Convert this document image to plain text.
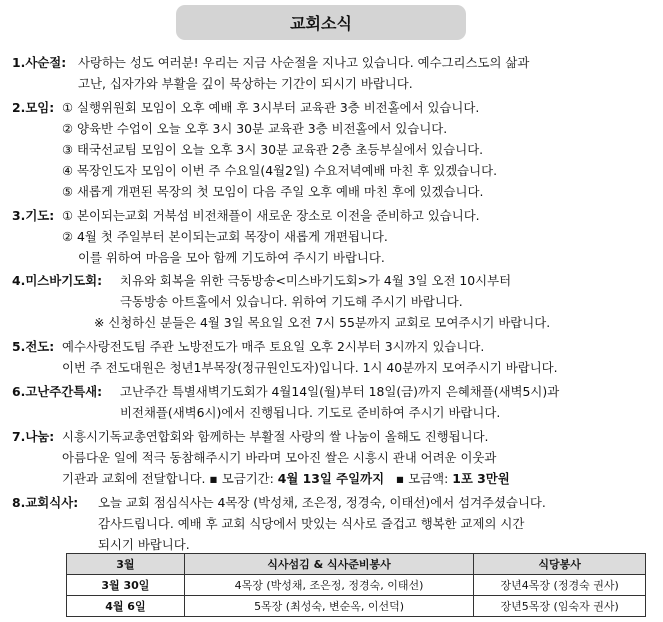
교회소식
1.사순절: 사랑하는 성도 여러분! 우리는 지금 사순절을 지나고 있습니다. 예수그리스도의 삶과
고난, 십자가와 부활을 깊이 묵상하는 기간이 되시기 바랍니다.
2.모임: ① 실행위원회 모임이 오후 예배 후 3시부터 교육관 3층 비전홀에서 있습니다.
② 양육반 수업이 오늘 오후 3시 30분 교육관 3층 비전홀에서 있습니다.
③ 태국선교팀 모임이 오늘 오후 3시 30분 교육관 2층 초등부실에서 있습니다.
④ 목장인도자 모임이 이번 주 수요일(4월2일) 수요저녁예배 마친 후 있겠습니다.
⑤ 새롭게 개편된 목장의 첫 모임이 다음 주일 오후 예배 마친 후에 있겠습니다.
3.기도: ① 본이되는교회 거북섬 비전채플이 새로운 장소로 이전을 준비하고 있습니다.
② 4월 첫 주일부터 본이되는교회 목장이 새롭게 개편됩니다.
이를 위하여 마음을 모아 함께 기도하여 주시기 바랍니다.
4.미스바기도회: 치유와 회복을 위한 극동방송<미스바기도회>가 4월 3일 오전 10시부터
극동방송 아트홀에서 있습니다. 위하여 기도해 주시기 바랍니다.
※ 신청하신 분들은 4월 3일 목요일 오전 7시 55분까지 교회로 모여주시기 바랍니다.
5.전도: 예수사랑전도팀 주관 노방전도가 매주 토요일 오후 2시부터 3시까지 있습니다.
이번 주 전도대원은 청년1부목장(정규원인도자)입니다. 1시 40분까지 모여주시기 바랍니다.
6.고난주간특새: 고난주간 특별새벽기도회가 4월14일(월)부터 18일(금)까지 은혜채플(새벽5시)과
비전채플(새벽6시)에서 진행됩니다. 기도로 준비하여 주시기 바랍니다.
7.나눔: 시흥시기독교총연합회와 함께하는 부활절 사랑의 쌀 나눔이 올해도 진행됩니다.
아름다운 일에 적극 동참해주시기 바라며 모아진 쌀은 시흥시 관내 어려운 이웃과
기관과 교회에 전달합니다. ▪ 모금기간: 4월 13일 주일까지 ▪ 모금액: 1포 3만원
8.교회식사: 오늘 교회 점심식사는 4목장 (박성채, 조은정, 정경숙, 이태선)에서 섬겨주셨습니다.
감사드립니다. 예배 후 교회 식당에서 맛있는 식사로 즐겁고 행복한 교제의 시간
되시기 바랍니다.
3월	식사섬김 & 식사준비봉사	식당봉사
3월 30일	4목장 (박성채, 조은정, 정경숙, 이태선)	장년4목장 (정경숙 권사)
4월 6일	5목장 (최성숙, 변순옥, 이선덕)	장년5목장 (임숙자 권사)
